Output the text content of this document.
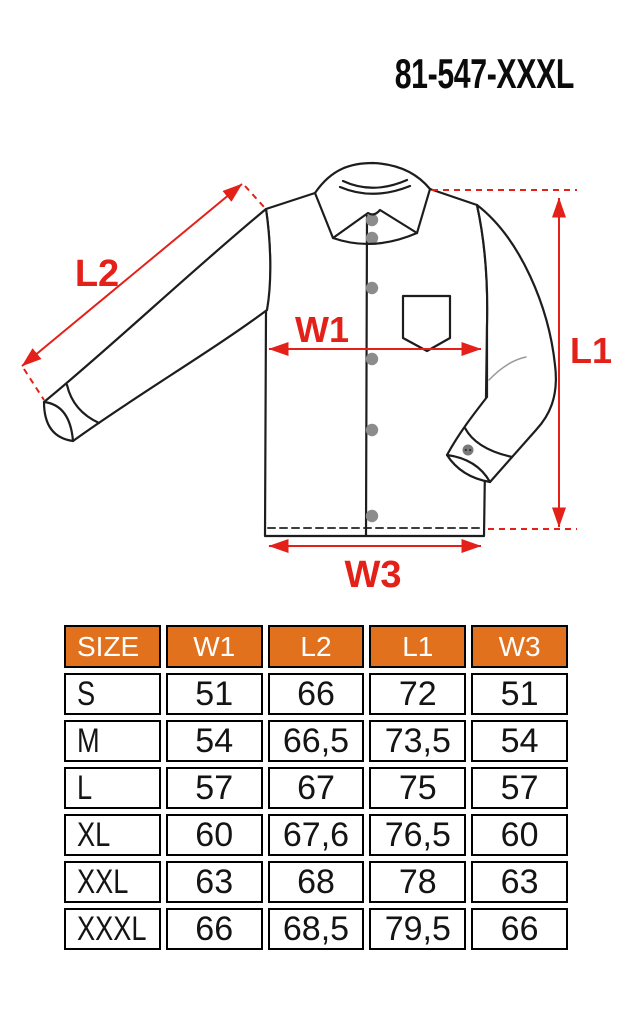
81-547-XXXL
L2
W1
L1
W3
SIZE	W1	L2	L1	W3
S	51	66	72	51
M	54	66,5	73,5	54
L	57	67	75	57
XL	60	67,6	76,5	60
XXL	63	68	78	63
XXXL	66	68,5	79,5	66
